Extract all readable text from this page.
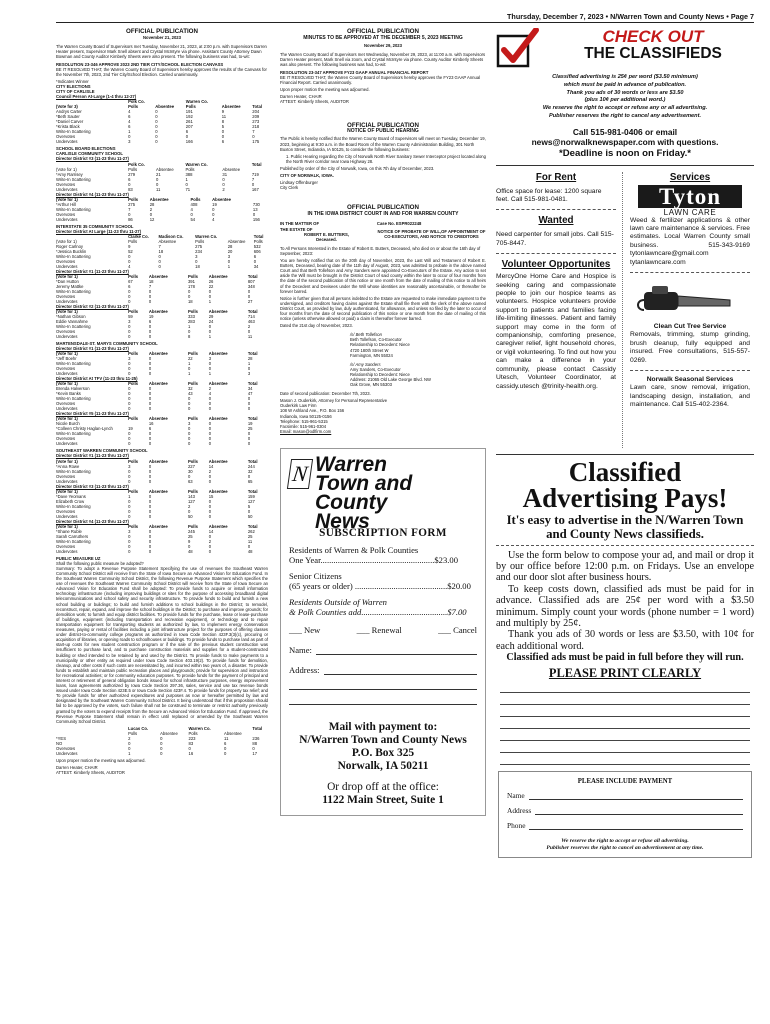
Thursday, December 7, 2023 • N/Warren Town and County News • Page 7
OFFICIAL PUBLICATION
November 21, 2023
The Warren County Board of Supervisors met Tuesday, November 21, 2023, at 2:00 p.m. with Supervisors Darren Heater present, Supervisor Mark Snell absent and Crystal McIntyre via phone. Assistant County Attorney Dawn Bowman and County Auditor Kimberly Sheets were also present. The following business was had, to-wit:
RESOLUTION 23-346 APPROVE 2023 2ND TIER CITY/SCHOOL ELECTION CANVASS
BE IT RESOLVED THAT, the Warren County Board of Supervisors hereby approves the results of the Canvass for the November 7th, 2023, 2nd Tier City/School Election. Carried unanimously.
*Indicates Winner
CITY ELECTIONS
CITY OF CARLISLE
Council Person At-Large (1-4 thru 12-27)
	Polk Co.		Warren Co.		
(Vote for 3)	Polls	Absentee	Polls	Absentee	Total
Andrys Carter	4	0	191	9	204
*Beth Sauter	6	0	192	11	209
*Daniel Carver	4	0	261	8	273
*Krista Black	6	0	207	5	218
Write-In Scattering	1	0	6	0	7
Overvotes	0	0	0	0	0
Undervotes	3	0	166	6	175
SCHOOL BOARD ELECTIONS
CARLISLE COMMUNITY SCHOOL
Director District #3 (11-23 thru 11-27)
	Polk Co.		Warren Co.		Total
(Vote for 1)	Polls	Absentee	Polls	Absentee	
*Amy Rarrisey	279	21	388	31	719
Write-In Scattering	6	0	1	0	7
Overvotes	0	0	0	0	0
Undervotes	83	11	71	2	167
Director District #4 (11-23 thru 11-27)
(Vote for 1)	Polls	Absentee	Polls	Absentee	
*Arthur Hill	275	28	408	19	730
Write-In Scattering	7	2	4	0	13
Overvotes	0	0	0	0	0
Undervotes	86	12	54	4	156
INTERSTATE 35 COMMUNITY SCHOOL
Director District At Large (11-23 thru 11-27)
	Clarke Co.	Madison Co.	Warren Co.		Total
(Vote for 1)	Polls	Absentee	Polls	Absentee	Polls
Roger Carlnoy	9	7	275	28	532
*Jessica Bucklin	52	18	234	20	606
Write-In Scattering	0	0	3	3	6
Overvotes	0	0	0	0	0
Undervotes	4	0	18	1	34
Director District #1 (11-23 thru 11-27)
(Vote for 1)	Polls	Absentee	Polls	Absentee	Total
*Dan Hutton	67	18	391	26	807
Jeremy Mattke	6	7	178	22	348
Write-In Scattering	0	0	0	0	0
Overvotes	0	0	0	0	0
Undervotes	0	0	18	1	27
Director District #2 (11-23 thru 11-27)
(Vote for 1)	Polls	Absentee	Polls	Absentee	Total
*Nathan Gibson	59	19	333	29	714
Eddie Vannahme	3	6	283	24	463
Write-In Scattering	0	0	1	0	2
Overvotes	0	0	0	0	0
Undervotes	0	0	8	1	11
MARTENSDALE-ST. MARYS COMMUNITY SCHOOL
Director District #1 (11-23 thru 11-27)
(Vote for 1)	Polls	Absentee	Polls	Absentee	Total
*Jeff Boehr	3	0	22	3	28
Write-In Scattering	0	0	1	0	1
Overvotes	0	0	0	0	0
Undervotes	0	0	1	1	3
Director District At TFV (11-23 thru 11-25)
(Vote for 1)	Polls	Absentee	Polls	Absentee	Total
Brenda Halverson	0	0	32	2	34
*Kevin Banks	0	0	43	4	47
Write-In Scattering	0	0	0	0	0
Overvotes	0	0	0	0	0
Undervotes	0	0	0	0	0
Director District #5 (11-23 thru 11-27)
(Vote for 1)	Polls	Absentee	Polls	Absentee	Total
Nicole Burch		16	3	0	19
*Colleen Christy Haglan-Lynch	19	6	0	0	25
Write-In Scattering	0	0	0	0	0
Overvotes	0	0	0	0	0
Undervotes	0	0	0	0	0
SOUTHEAST WARREN COMMUNITY SCHOOL
Director District #1 (11-23 thru 11-27)
(Vote for 1)	Polls	Absentee	Polls	Absentee	Total
*Anna Rowe	3	0	227	14	244
Write-In Scattering	0	0	30	2	32
Overvotes	0	0	0	0	0
Undervotes	0	0	63	0	65
Director District #3 (11-23 thru 11-27)
(Vote for 1)	Polls	Absentee	Polls	Absentee	Total
*Dave Yeomans	1	0	143	15	159
Elizabeth Crow	0	0	127	0	127
Write-In Scattering	0	0	2	0	5
Overvotes	0	0	0	0	0
Undervotes	0	0	50	0	50
Director District #4 (11-23 thru 11-27)
(Vote for 1)	Polls	Absentee	Polls	Absentee	Total
*Shane Ruble	3	0	245	14	262
Sarah Carruthers	0	0	25	0	25
Write-In Scattering	0	0	9	2	11
Overvotes	0	0	0	0	0
Undervotes	0	0	48	0	48
PUBLIC MEASURE UZ
Shall the following public measure be adopted?
Summary: To adopt a Revenue Purpose Statement Specifying the use of revenues the Southeast Warren Community School District will receive from the State of Iowa Secure an Advanced Vision for Education Fund. In the Southeast Warren Community School District, the following Revenue Purpose Statement which specifies the use of revenues the Southeast Warren Community School District will receive from the State of Iowa Secure an Advanced Vision for Education Fund shall be adopted: To provide funds to acquire or install information technology infrastructure (including improving buildings or sites for the purpose of accessing broadband digital telecommunications and school safety and security infrastructure. To provide funds to build and furnish a new school building or buildings; to build and furnish additions to school buildings in the District; to remodel, reconstruct, repair, expand, and improve the school buildings in the District; to purchase and improve grounds; for demolition work; to furnish and equip district facilities. To provide funds for the purchase, lease or lease-purchase of buildings, equipment (including transportation and recreation equipment), or technology and to repair transportation equipment for transporting students as authorized by law, to implement energy conservation measures, paying or rental of facilities including a joint infrastructure project for the purposes of offering classes under district-to-community college programs as authorized in Iowa Code Section 423F.3(3)(c), procuring or acquisition of libraries, or opening roads to schoolhouses or buildings. To provide funds to purchase land as part of start-up costs for new student construction program or if the sale of the previous student construction was insufficient to purchase land, and to purchase construction materials and supplies for a student-constructed building or shed intended to be retained by and used by the District. To provide funds to make payments to a municipality or other entity as required under Iowa Code Section 403.19(2). To provide funds for demolition, cleanup, and other costs if such costs are necessitated by, and incurred within two years of, a disaster. To provide funds to establish and maintain public recreation places and playgrounds; provide for supervision and instruction for recreational activities; or for community education purposes. To provide funds for the payment of principal and interest or retirement of general obligation bonds issued for school infrastructure purposes, energy improvement loans, loan agreements authorized by Iowa Code Section 297.36, sales, service and use tax revenue bonds issued under Iowa Code Section 423E.5 or Iowa Code Section 423F.4. To provide funds for property tax relief; and To provide funds for other authorized expenditures and purposes as now or hereafter permitted by law and designated by the Southeast Warren Community School District. It being understood that if this proposition should fail to be approved by the voters, such failure shall not be construed to terminate or restrict authority previously granted by the voters to expend receipts from the Secure an Advanced Vision for Education Fund. If approved, the Revenue Purpose Statement shall remain in effect until replaced or amended by the Southeast Warren Community School District.
	Lucas Co.		Warren Co.		Total
	Polls	Absentee	Polls	Absentee	
*YES	2	0	223	11	236
NO	0	0	83	6	88
Overvotes	0	0	0	0	0
Undervotes	1	0	16	0	17
Upon proper motion the meeting was adjourned.
Darren Heater, CHAIR
ATTEST: Kimberly Sheets, AUDITOR
OFFICIAL PUBLICATION
MINUTES TO BE APPROVED AT THE DECEMBER 5, 2023 MEETING
November 29, 2023
The Warren County Board of Supervisors met Wednesday, November 29, 2023, at 11:00 a.m. with Supervisors Darren Heater present, Mark Snell via zoom, and Crystal McIntyre via phone. County Auditor Kimberly Sheets was also present. The following business was had, to-wit:
RESOLUTION 23-347 APPROVE FY23 GAAP ANNUAL FINANCIAL REPORT
BE IT RESOLVED THAT, the Warren County Board of Supervisors hereby approves the FY23 GAAP Annual Financial Report. Carried unanimously.
Upon proper motion the meeting was adjourned.
Darren Heater, CHAIR
ATTEST: Kimberly Sheets, AUDITOR
OFFICIAL PUBLICATION
NOTICE OF PUBLIC HEARING
The Public is hereby notified that the Warren County Board of Supervisors will meet on Tuesday, December 19, 2023, beginning at 9:30 a.m. in the Board Room of the Warren County Administration Building, 301 North Buxton Street, Indianola, IA 50125, to consider the following business:
1. Public Hearing regarding the City of Norwalk North River Sanitary Sewer Interceptor project located along the North River corridor near Iowa Highway 28.
Published by order of the City of Norwalk, Iowa, on this 7th day of December, 2023.
CITY OF NORWALK, IOWA.
Lindsay Offenburger
City Clerk
OFFICIAL PUBLICATION
IN THE IOWA DISTRICT COURT IN AND FOR WARREN COUNTY
IN THE MATTER OF
THE ESTATE OF
ROBERT E. BUTTERS,
Deceased.
Case No. ESPR022248
NOTICE OF PROBATE OF WILL,OF APPOINTMENT OF CO-EXECUTORS, AND NOTICE TO CREDITORS
To All Persons Interested in the Estate of Robert E. Butters, Deceased, who died on or about the 16th day of September, 2023:
You are hereby notified that on the 20th day of November, 2023, the Last Will and Testament of Robert E. Butters, Deceased, bearing date of the 11th day of August, 2023, was admitted to probate in the above named Court and that Beth Tollefson and Amy Sanders were appointed Co-Executors of the Estate. Any action to set aside the Will must be brought in the District Court of said county within the later to occur of four months from the date of the second publication of this notice or one month from the date of mailing of this notice to all heirs of the Decedent and Devisees under the Will whose identities are reasonably ascertainable, or thereafter be forever barred.
Notice is further given that all persons indebted to the Estate are requested to make immediate payment to the undersigned, and creditors having claims against the Estate shall file them with the clerk of the above named District Court, as provided by law, duly authenticated, for allowance, and unless so filed by the later to occur of four months from the date of second publication of this notice or one month from the date of mailing of this notice (unless otherwise allowed or paid) a claim is thereafter forever barred.
Dated the 21st day of November, 2023.
/s/ Beth Tollefson
Beth Tollefson, Co-Executor
Relationship to Decedent: Niece
4720 180th Street W
Farmington, MN 55024
/s/ Amy Sanders
Amy Sanders, Co-Executor
Relationship to Decedent: Niece
Address: 21065 Old Lake George Blvd. NW
Oak Grove, MN 55303
Date of second publication: December 7th, 2023.
Mason J. Ouderkirk, Attorney for Personal Representative
Ouderkirk Law Firm
108 W Ashland Ave., P.O. Box 156
Indianola, Iowa 50125-0156
Telephone: 515-961-5315
Facsimile: 515-961-0304
Email: mason@odlfirm.com
N Warren
Town and County
News
SUBSCRIPTION FORM
Residents of Warren & Polk Counties
One Year.....................................................$23.00
Senior Citizens
(65 years or older) ...........................................$20.00
Residents Outside of Warren
& Polk Counties add........................................$7.00
___ New	___ Renewal	___ Cancel
Name:
Address:
Mail with payment to:
N/Warren Town and County News
P.O. Box 325
Norwalk, IA 50211
Or drop off at the office:
1122 Main Street, Suite 1
CHECK OUT
THE CLASSIFIEDS
Classified advertising is 25¢ per word ($3.50 minimum)
which must be paid in advance of publication.
Thank you ads of 30 words or less are $3.50
(plus 10¢ per additional word.)
We reserve the right to accept or refuse any or all advertising.
Publisher reserves the right to cancel any advertisement.
Call 515-981-0406 or email
news@norwalknewspaper.com with questions.
*Deadline is noon on Friday.*
For Rent
Office space for lease: 1200 square feet. Call 515-981-0481.
Wanted
Need carpenter for small jobs. Call 515-705-8447.
Volunteer Opportunites
MercyOne Home Care and Hospice is seeking caring and compassionate people to join our hospice teams as volunteers. Hospice volunteers provide support to patients and families facing life-limiting illnesses. Patient and family support may come in the form of companionship, comforting presence, caregiver relief, light household chores, or vigil volunteering. To find out how you can make a difference in your community, please contact Cassidy Utesch, Volunteer Coordinator, at cassidy.utesch @trinity-health.org.
Services
Tyton
LAWN CARE
Weed & fertilizer applications & other lawn care maintenance & services. Free estimates. Local Warren County small business. 515-343-9169 tytonlawncare@gmail.com tytanlawncare.com
Clean Cut Tree Service
Removals, trimming, stump grinding, brush cleanup, fully equipped and insured. Free consultations, 515-557-0269.
Norwalk Seasonal Services
Lawn care, snow removal, irrigation, landscaping design, installation, and maintenance. Call 515-402-2364.
Classified
Advertising Pays!
It's easy to advertise in the N/Warren Town and County News classifieds.
Use the form below to compose your ad, and mail or drop it by our office before 12:00 p.m. on Fridays. Use an envelope and our door slot after business hours.
To keep costs down, classified ads must be paid for in advance. Classified ads are 25¢ per word with a $3.50 minimum. Simply count your words (phone number = 1 word) and multiply by 25¢.
Thank you ads of 30 words or less are $3.50, with 10¢ for each additional word.
Classified ads must be paid in full before they will run.
PLEASE PRINT CLEARLY
PLEASE INCLUDE PAYMENT
Name
Address
Phone
We reserve the right to accept or refuse all advertising.
Publisher reserves the right to cancel an advertisement at any time.
